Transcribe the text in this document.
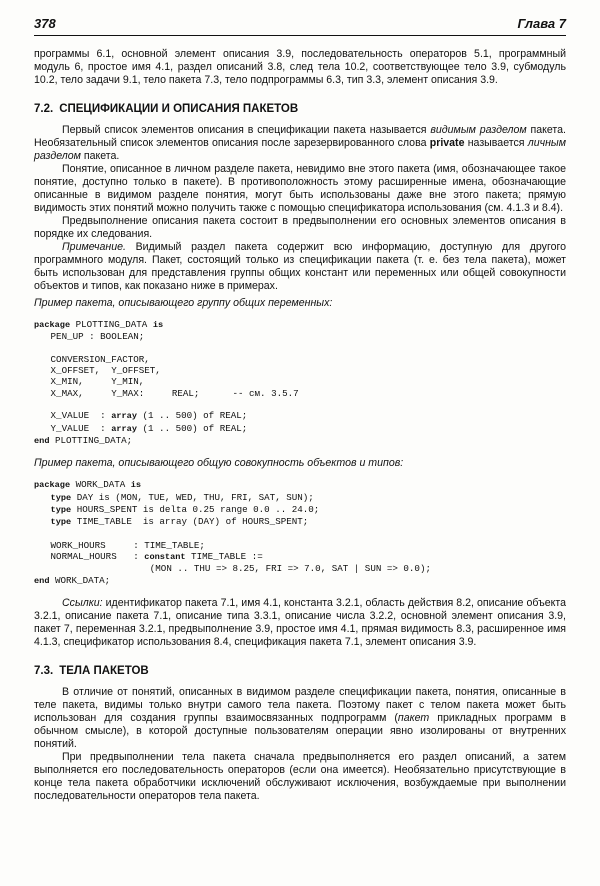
378	Глава 7

программы 6.1, основной элемент описания 3.9, последовательность операторов 5.1, программный модуль 6, простое имя 4.1, раздел описаний 3.8, след тела 10.2, соответствующее тело 3.9, субмодуль 10.2, тело задачи 9.1, тело пакета 7.3, тело подпрограммы 6.3, тип 3.3, элемент описания 3.9.

7.2. СПЕЦИФИКАЦИИ И ОПИСАНИЯ ПАКЕТОВ

Первый список элементов описания в спецификации пакета называется видимым разделом пакета. Необязательный список элементов описания после зарезервированного слова private называется личным разделом пакета.

Понятие, описанное в личном разделе пакета, невидимо вне этого пакета (имя, обозначающее такое понятие, доступно только в пакете). В противоположность этому расширенные имена, обозначающие описанные в видимом разделе понятия, могут быть использованы даже вне этого пакета; прямую видимость этих понятий можно получить также с помощью спецификатора использования (см. 4.1.3 и 8.4).

Предвыполнение описания пакета состоит в предвыполнении его основных элементов описания в порядке их следования.

Примечание. Видимый раздел пакета содержит всю информацию, доступную для другого программного модуля. Пакет, состоящий только из спецификации пакета (т. е. без тела пакета), может быть использован для представления группы общих констант или переменных или общей совокупности объектов и типов, как показано ниже в примерах.

Пример пакета, описывающего группу общих переменных:

package PLOTTING_DATA is
PEN_UP : BOOLEAN;

CONVERSION_FACTOR,
X_OFFSET,  Y_OFFSET,
X_MIN,     Y_MIN,
X_MAX,     Y_MAX:     REAL;      -- см. 3.5.7

X_VALUE  : array (1 .. 500) of REAL;
Y_VALUE  : array (1 .. 500) of REAL;
end PLOTTING_DATA;

Пример пакета, описывающего общую совокупность объектов и типов:

package WORK_DATA is
type DAY is (MON, TUE, WED, THU, FRI, SAT, SUN);
type HOURS_SPENT is delta 0.25 range 0.0 .. 24.0;
type TIME_TABLE  is array (DAY) of HOURS_SPENT;

WORK_HOURS     : TIME_TABLE;
NORMAL_HOURS   : constant TIME_TABLE :=
(MON .. THU => 8.25, FRI => 7.0, SAT | SUN => 0.0);
end WORK_DATA;

Ссылки: идентификатор пакета 7.1, имя 4.1, константа 3.2.1, область действия 8.2, описание объекта 3.2.1, описание пакета 7.1, описание типа 3.3.1, описание числа 3.2.2, основной элемент описания 3.9, пакет 7, переменная 3.2.1, предвыполнение 3.9, простое имя 4.1, прямая видимость 8.3, расширенное имя 4.1.3, спецификатор использования 8.4, спецификация пакета 7.1, элемент описания 3.9.

7.3. ТЕЛА ПАКЕТОВ

В отличие от понятий, описанных в видимом разделе спецификации пакета, понятия, описанные в теле пакета, видимы только внутри самого тела пакета. Поэтому пакет с телом пакета может быть использован для создания группы взаимосвязанных подпрограмм (пакет прикладных программ в обычном смысле), в которой доступные пользователям операции явно изолированы от внутренних понятий.

При предвыполнении тела пакета сначала предвыполняется его раздел описаний, а затем выполняется его последовательность операторов (если она имеется). Необязательно присутствующие в конце тела пакета обработчики исключений обслуживают исключения, возбуждаемые при выполнении последовательности операторов тела пакета.
